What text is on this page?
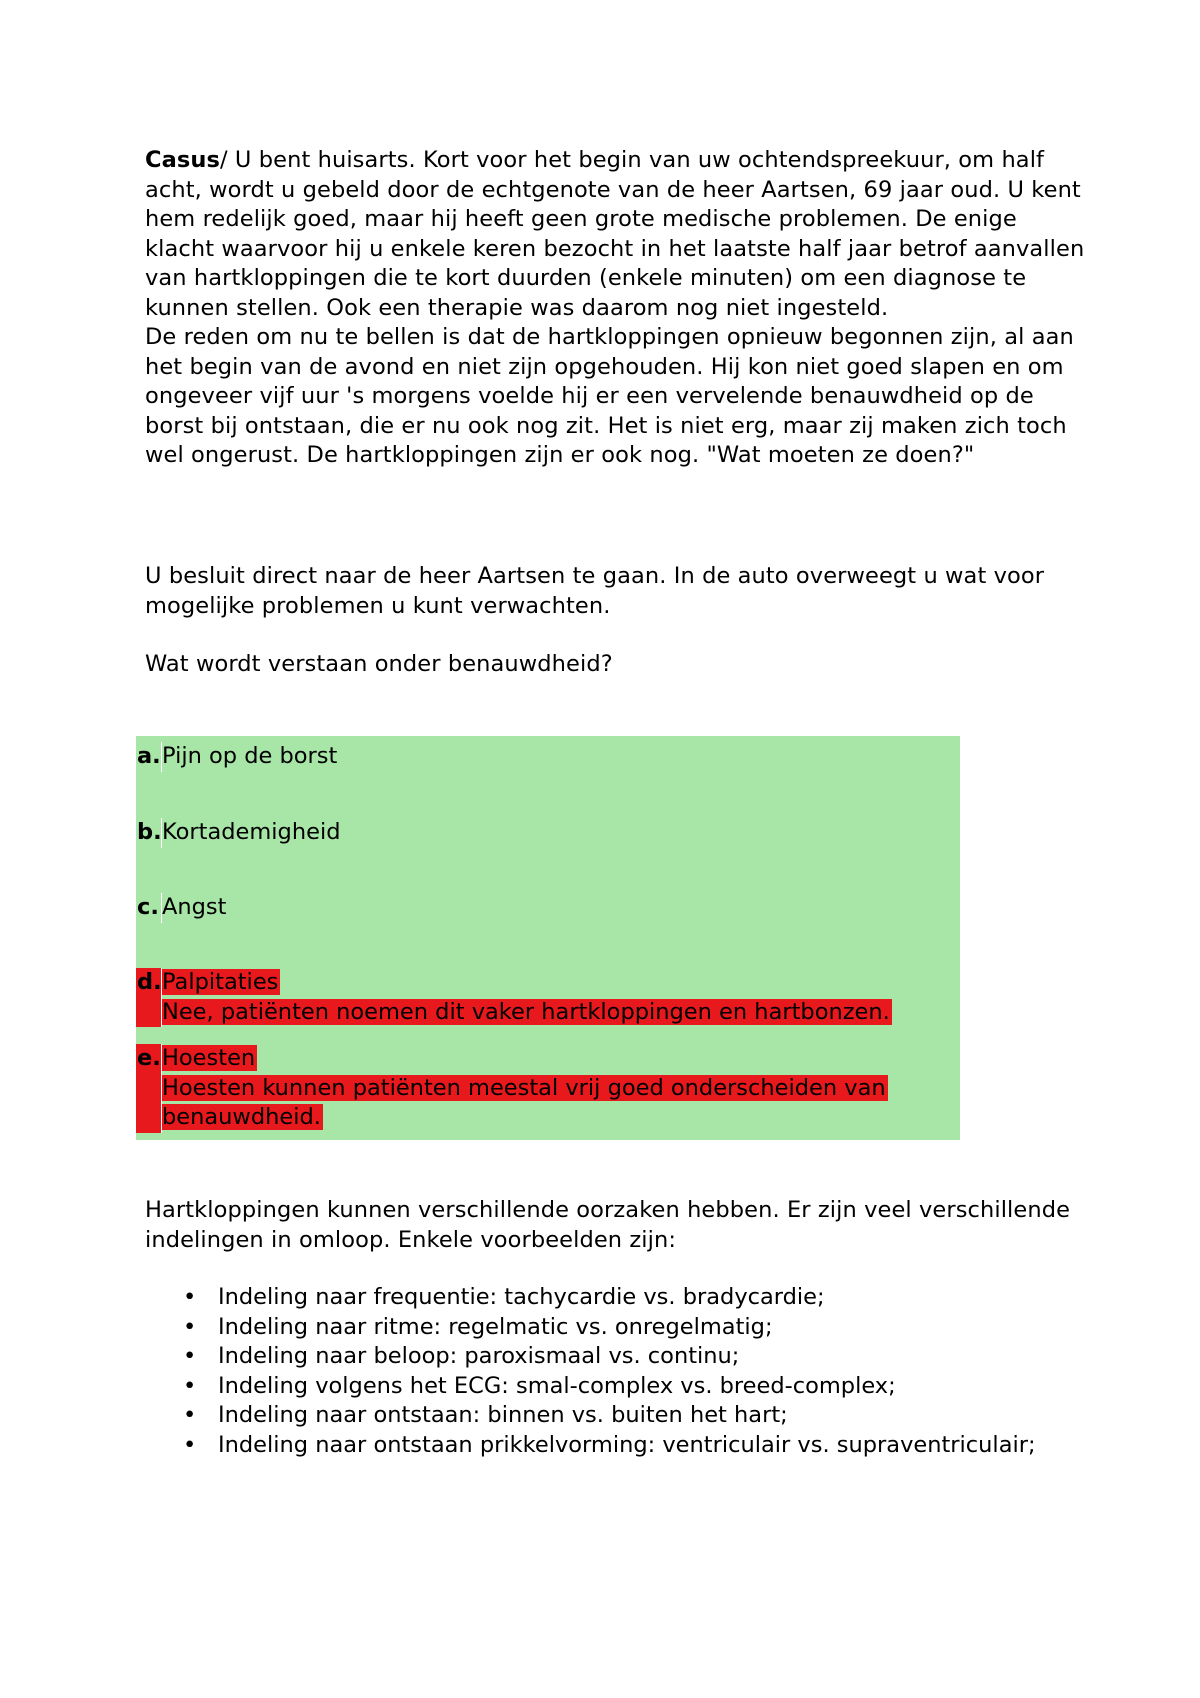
Casus/ U bent huisarts. Kort voor het begin van uw ochtendspreekuur, om half acht, wordt u gebeld door de echtgenote van de heer Aartsen, 69 jaar oud. U kent hem redelijk goed, maar hij heeft geen grote medische problemen. De enige klacht waarvoor hij u enkele keren bezocht in het laatste half jaar betrof aanvallen van hartkloppingen die te kort duurden (enkele minuten) om een diagnose te kunnen stellen. Ook een therapie was daarom nog niet ingesteld.

De reden om nu te bellen is dat de hartkloppingen opnieuw begonnen zijn, al aan het begin van de avond en niet zijn opgehouden. Hij kon niet goed slapen en om ongeveer vijf uur 's morgens voelde hij er een vervelende benauwdheid op de borst bij ontstaan, die er nu ook nog zit. Het is niet erg, maar zij maken zich toch wel ongerust. De hartkloppingen zijn er ook nog. "Wat moeten ze doen?"

U besluit direct naar de heer Aartsen te gaan. In de auto overweegt u wat voor mogelijke problemen u kunt verwachten.
Wat wordt verstaan onder benauwdheid?
a. Pijn op de borst
b. Kortademigheid
c. Angst
d. Palpitaties
Nee, patiënten noemen dit vaker hartkloppingen en hartbonzen.
e. Hoesten
Hoesten kunnen patiënten meestal vrij goed onderscheiden van
benauwdheid.
Hartkloppingen kunnen verschillende oorzaken hebben. Er zijn veel verschillende indelingen in omloop. Enkele voorbeelden zijn:
• Indeling naar frequentie: tachycardie vs. bradycardie;
• Indeling naar ritme: regelmatic vs. onregelmatig;
• Indeling naar beloop: paroxismaal vs. continu;
• Indeling volgens het ECG: smal-complex vs. breed-complex;
• Indeling naar ontstaan: binnen vs. buiten het hart;
• Indeling naar ontstaan prikkelvorming: ventriculair vs. supraventriculair;
